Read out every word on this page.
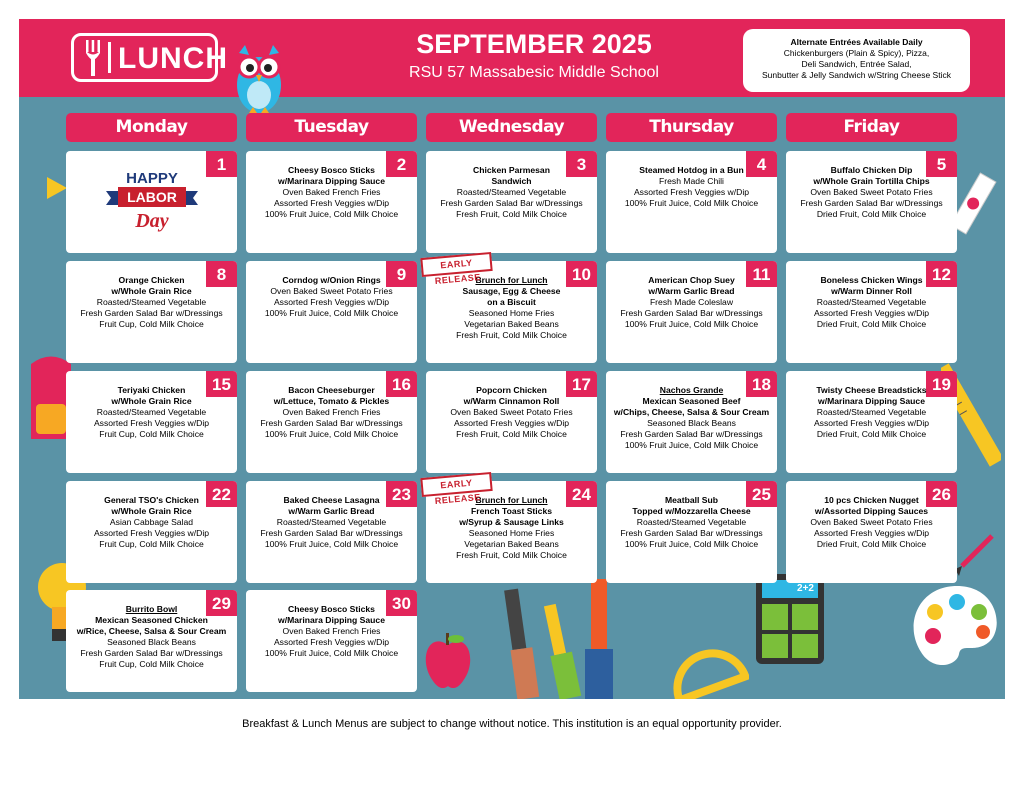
LUNCH	SEPTEMBER 2025
RSU 57 Massabesic Middle School
Alternate Entrées Available Daily
Chickenburgers (Plain & Spicy), Pizza,
Deli Sandwich, Entrée Salad,
Sunbutter & Jelly Sandwich w/String Cheese Stick
Monday	Tuesday	Wednesday	Thursday	Friday
2+2
1
HAPPY
LABOR
Day
2
Cheesy Bosco Sticks
w/Marinara Dipping Sauce
Oven Baked French Fries
Assorted Fresh Veggies w/Dip
100% Fruit Juice, Cold Milk Choice
3
Chicken Parmesan
Sandwich
Roasted/Steamed Vegetable
Fresh Garden Salad Bar w/Dressings
Fresh Fruit, Cold Milk Choice
4
Steamed Hotdog in a Bun
Fresh Made Chili
Assorted Fresh Veggies w/Dip
100% Fruit Juice, Cold Milk Choice
5
Buffalo Chicken Dip
w/Whole Grain Tortilla Chips
Oven Baked Sweet Potato Fries
Fresh Garden Salad Bar w/Dressings
Dried Fruit, Cold Milk Choice
8
Orange Chicken
w/Whole Grain Rice
Roasted/Steamed Vegetable
Fresh Garden Salad Bar w/Dressings
Fruit Cup, Cold Milk Choice
9
Corndog w/Onion Rings
Oven Baked Sweet Potato Fries
Assorted Fresh Veggies w/Dip
100% Fruit Juice, Cold Milk Choice
10
Brunch for Lunch
Sausage, Egg & Cheese
on a Biscuit
Seasoned Home Fries
Vegetarian Baked Beans
Fresh Fruit, Cold Milk Choice
11
American Chop Suey
w/Warm Garlic Bread
Fresh Made Coleslaw
Fresh Garden Salad Bar w/Dressings
100% Fruit Juice, Cold Milk Choice
12
Boneless Chicken Wings
w/Warm Dinner Roll
Roasted/Steamed Vegetable
Assorted Fresh Veggies w/Dip
Dried Fruit, Cold Milk Choice
15
Teriyaki Chicken
w/Whole Grain Rice
Roasted/Steamed Vegetable
Assorted Fresh Veggies w/Dip
Fruit Cup, Cold Milk Choice
16
Bacon Cheeseburger
w/Lettuce, Tomato & Pickles
Oven Baked French Fries
Fresh Garden Salad Bar w/Dressings
100% Fruit Juice, Cold Milk Choice
17
Popcorn Chicken
w/Warm Cinnamon Roll
Oven Baked Sweet Potato Fries
Assorted Fresh Veggies w/Dip
Fresh Fruit, Cold Milk Choice
18
Nachos Grande
Mexican Seasoned Beef
w/Chips, Cheese, Salsa & Sour Cream
Seasoned Black Beans
Fresh Garden Salad Bar w/Dressings
100% Fruit Juice, Cold Milk Choice
19
Twisty Cheese Breadsticks
w/Marinara Dipping Sauce
Roasted/Steamed Vegetable
Assorted Fresh Veggies w/Dip
Dried Fruit, Cold Milk Choice
22
General TSO's Chicken
w/Whole Grain Rice
Asian Cabbage Salad
Assorted Fresh Veggies w/Dip
Fruit Cup, Cold Milk Choice
23
Baked Cheese Lasagna
w/Warm Garlic Bread
Roasted/Steamed Vegetable
Fresh Garden Salad Bar w/Dressings
100% Fruit Juice, Cold Milk Choice
24
Brunch for Lunch
French Toast Sticks
w/Syrup & Sausage Links
Seasoned Home Fries
Vegetarian Baked Beans
Fresh Fruit, Cold Milk Choice
25
Meatball Sub
Topped w/Mozzarella Cheese
Roasted/Steamed Vegetable
Fresh Garden Salad Bar w/Dressings
100% Fruit Juice, Cold Milk Choice
26
10 pcs Chicken Nugget
w/Assorted Dipping Sauces
Oven Baked Sweet Potato Fries
Assorted Fresh Veggies w/Dip
Dried Fruit, Cold Milk Choice
29
Burrito Bowl
Mexican Seasoned Chicken
w/Rice, Cheese, Salsa & Sour Cream
Seasoned Black Beans
Fresh Garden Salad Bar w/Dressings
Fruit Cup, Cold Milk Choice
30
Cheesy Bosco Sticks
w/Marinara Dipping Sauce
Oven Baked French Fries
Assorted Fresh Veggies w/Dip
100% Fruit Juice, Cold Milk Choice
EARLY RELEASE
EARLY RELEASE
Breakfast & Lunch Menus are subject to change without notice. This institution is an equal opportunity provider.
